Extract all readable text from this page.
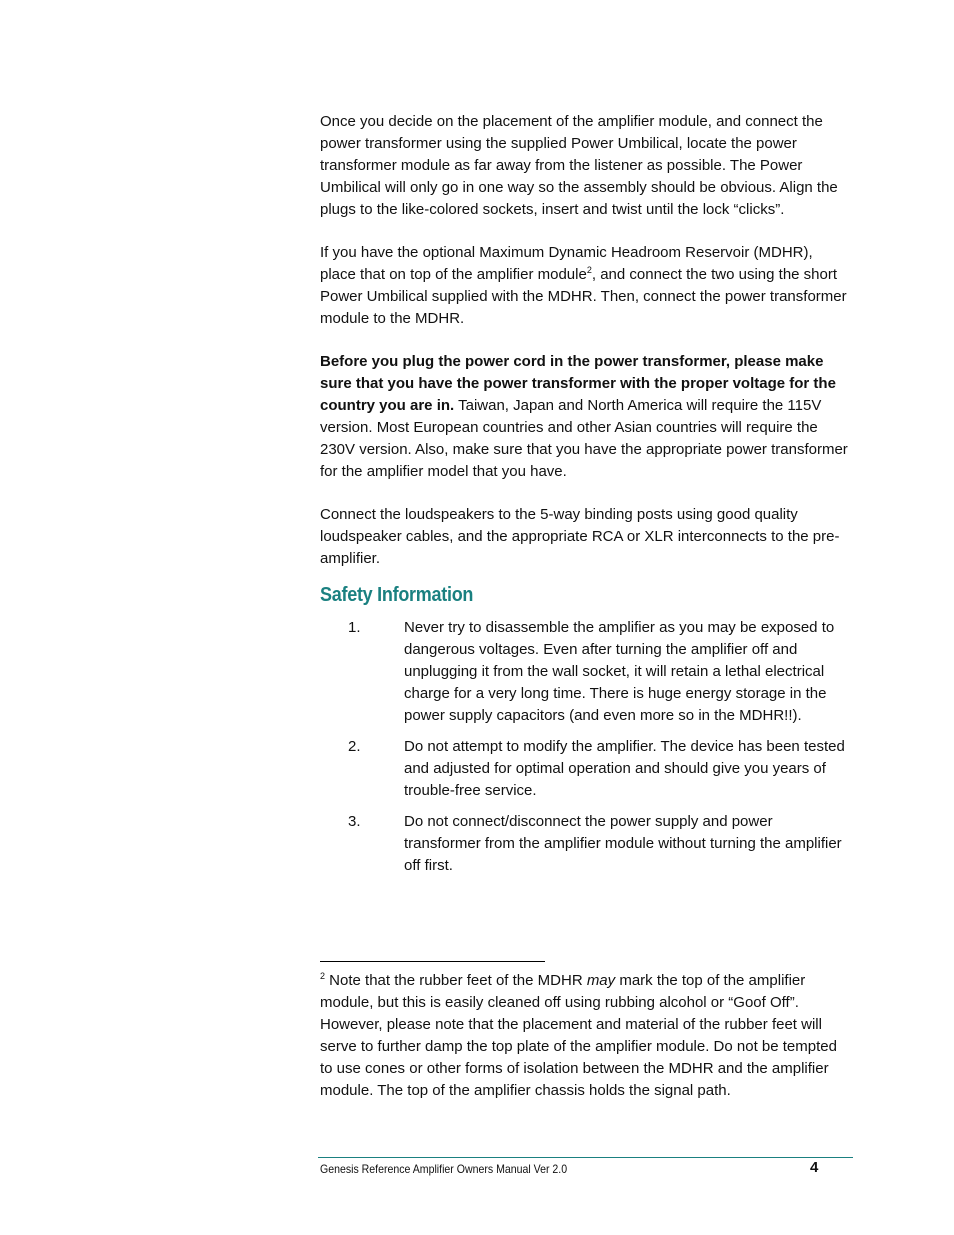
Once you decide on the placement of the amplifier module, and connect the power transformer using the supplied Power Umbilical, locate the power transformer module as far away from the listener as possible. The Power Umbilical will only go in one way so the assembly should be obvious. Align the plugs to the like-colored sockets, insert and twist until the lock “clicks”.

If you have the optional Maximum Dynamic Headroom Reservoir (MDHR), place that on top of the amplifier module$^2$, and connect the two using the short Power Umbilical supplied with the MDHR. Then, connect the power transformer module to the MDHR.

Before you plug the power cord in the power transformer, please make sure that you have the power transformer with the proper voltage for the country you are in. Taiwan, Japan and North America will require the 115V version. Most European countries and other Asian countries will require the 230V version. Also, make sure that you have the appropriate power transformer for the amplifier model that you have.

Connect the loudspeakers to the 5-way binding posts using good quality loudspeaker cables, and the appropriate RCA or XLR interconnects to the pre-amplifier.

Safety Information
1.	Never try to disassemble the amplifier as you may be exposed to dangerous voltages. Even after turning the amplifier off and unplugging it from the wall socket, it will retain a lethal electrical charge for a very long time. There is huge energy storage in the power supply capacitors (and even more so in the MDHR!!).
2.	Do not attempt to modify the amplifier. The device has been tested and adjusted for optimal operation and should give you years of trouble-free service.
3.	Do not connect/disconnect the power supply and power transformer from the amplifier module without turning the amplifier off first.
$^2$ Note that the rubber feet of the MDHR may mark the top of the amplifier module, but this is easily cleaned off using rubbing alcohol or “Goof Off”. However, please note that the placement and material of the rubber feet will serve to further damp the top plate of the amplifier module. Do not be tempted to use cones or other forms of isolation between the MDHR and the amplifier module. The top of the amplifier chassis holds the signal path.
Genesis Reference Amplifier Owners Manual Ver 2.0	4
